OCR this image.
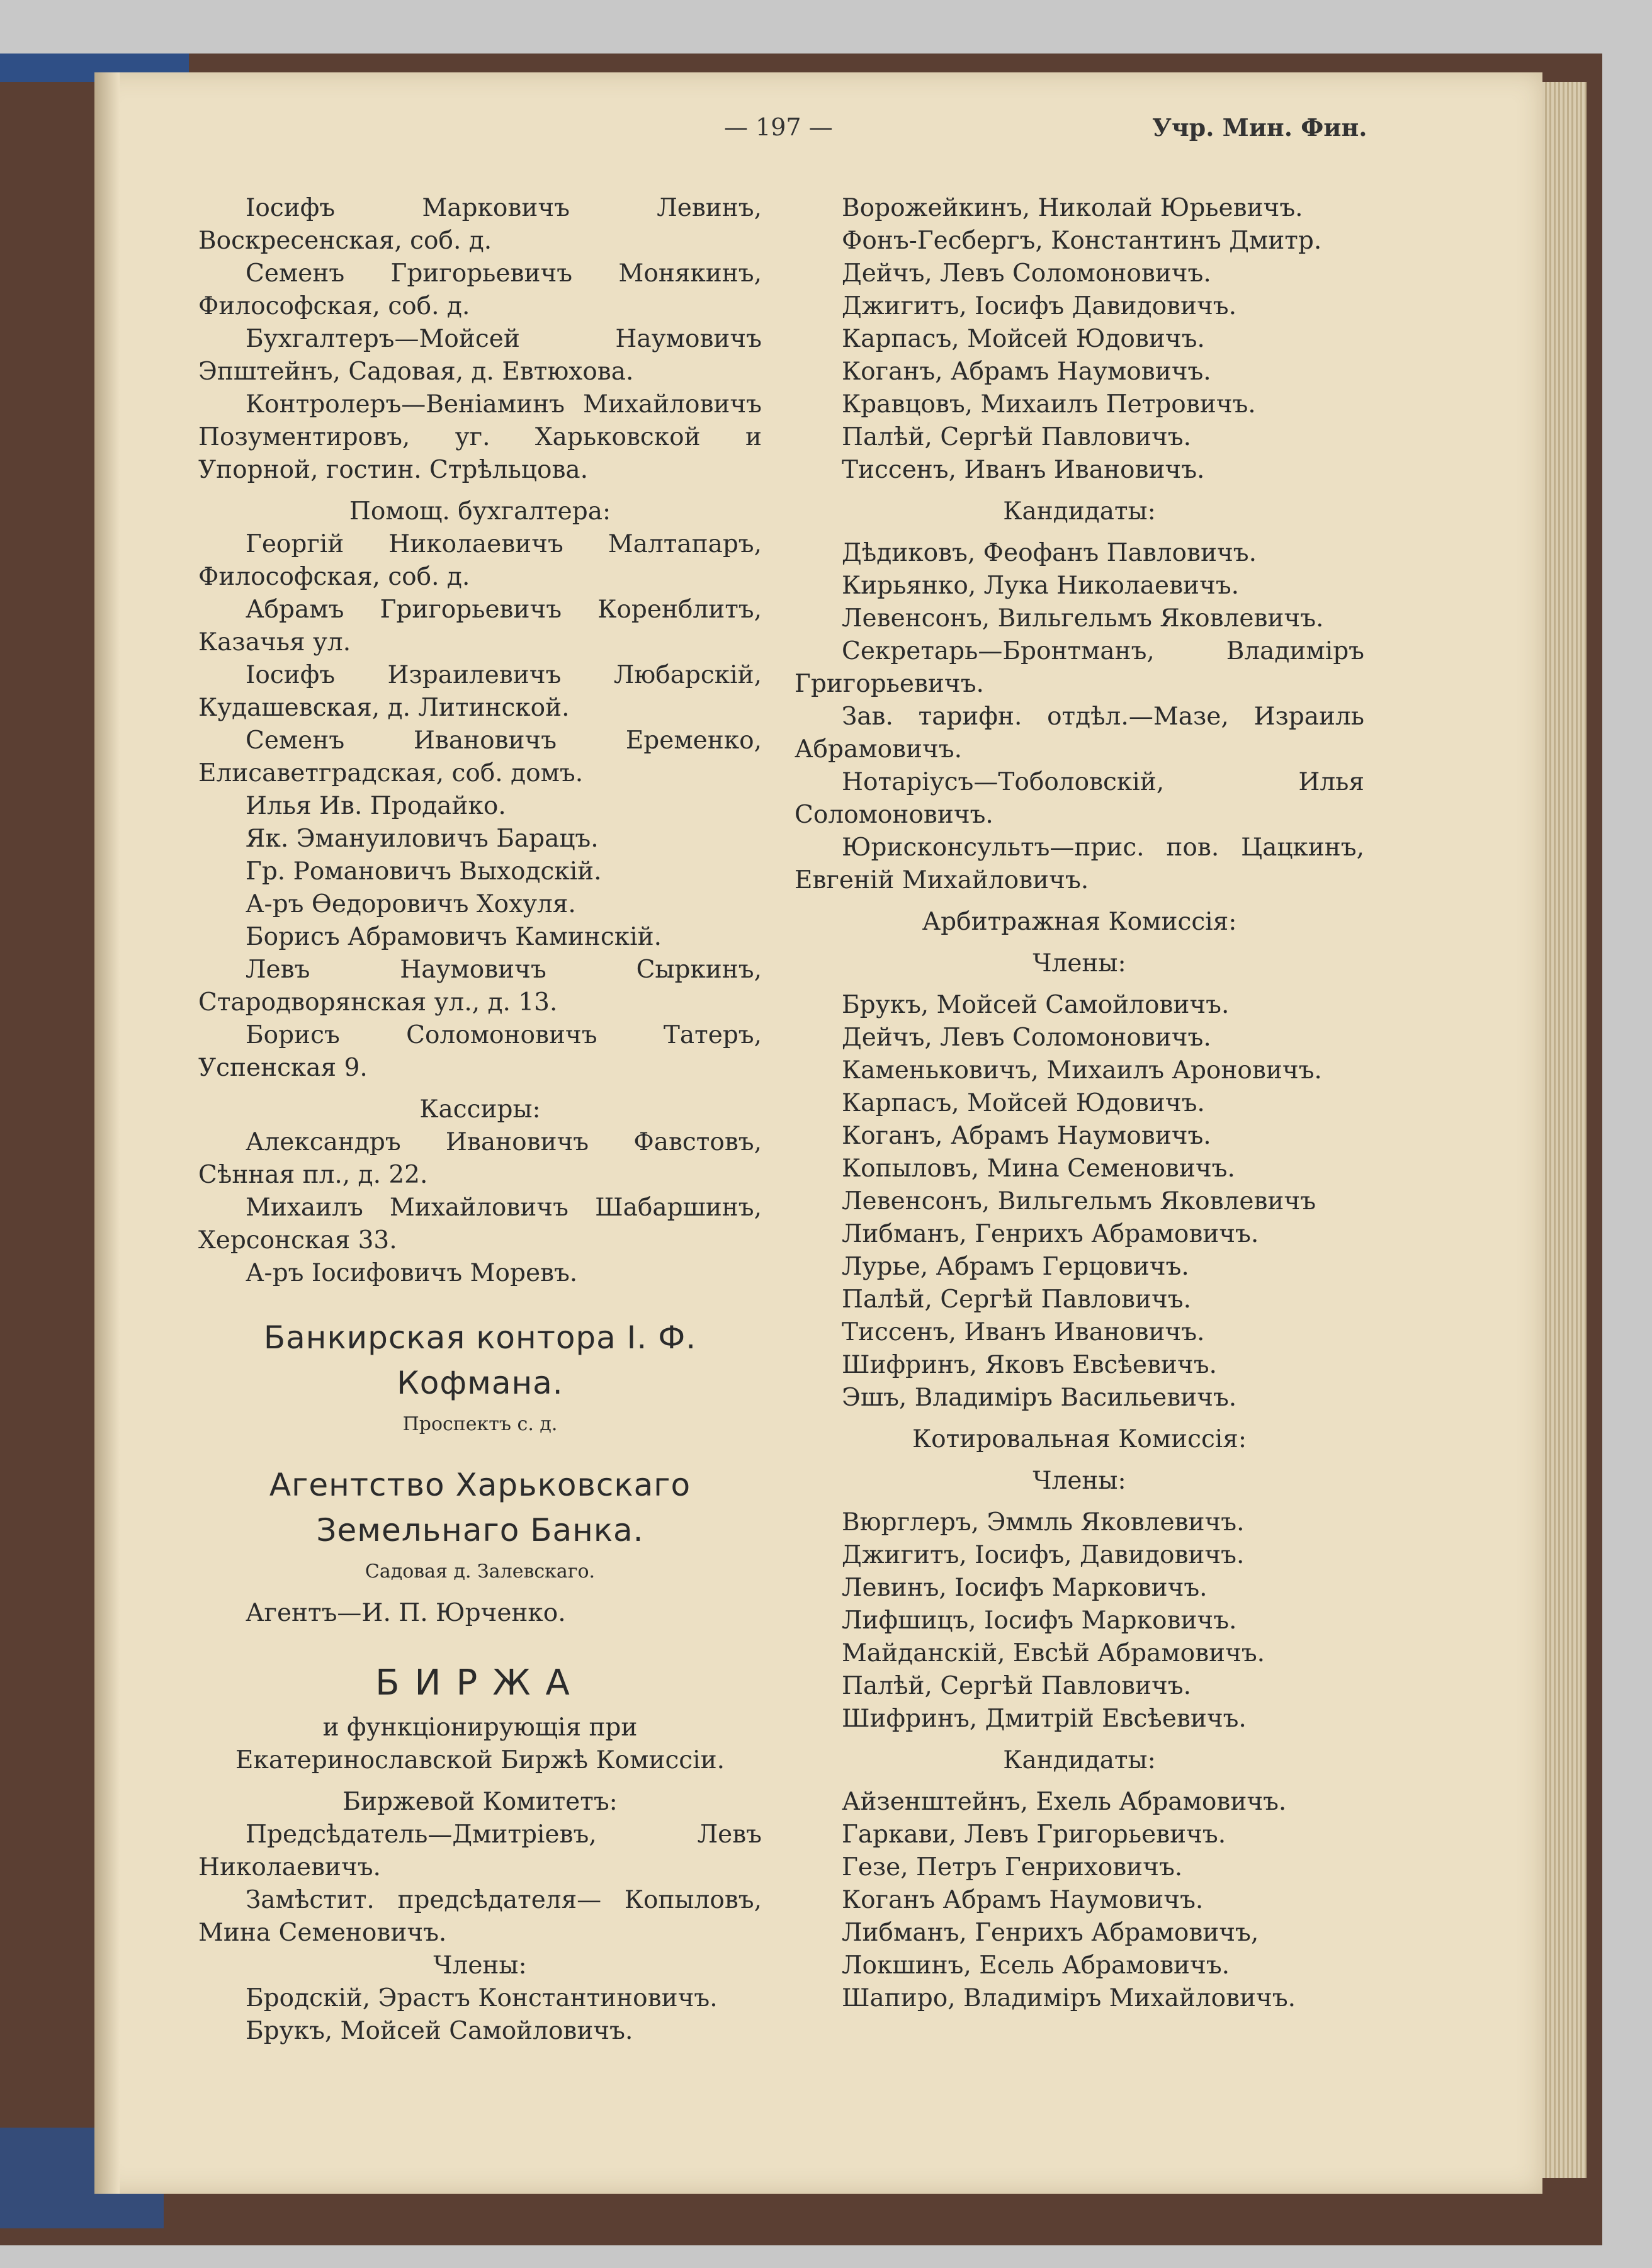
— 197 —	Учр. Мин. Фин.

Іосифъ Марковичъ Левинъ, Воскресенская, соб. д.

Семенъ Григорьевичъ Монякинъ, Философская, соб. д.

Бухгалтеръ—Мойсей Наумовичъ Эпштейнъ, Садовая, д. Евтюхова.

Контролеръ—Веніаминъ Михайловичъ Позументировъ, уг. Харьковской и Упорной, гостин. Стрѣльцова.

Помощ. бухгалтера:

Георгій Николаевичъ Малтапаръ, Философская, соб. д.

Абрамъ Григорьевичъ Коренблитъ, Казачья ул.

Іосифъ Израилевичъ Любарскій, Кудашевская, д. Литинской.

Семенъ Ивановичъ Еременко, Елисаветградская, соб. домъ.

Илья Ив. Продайко.

Як. Эмануиловичъ Барацъ.

Гр. Романовичъ Выходскій.

А-ръ Өедоровичъ Хохуля.

Борисъ Абрамовичъ Каминскій.

Левъ Наумовичъ Сыркинъ, Стародворянская ул., д. 13.

Борисъ Соломоновичъ Татеръ, Успенская 9.

Кассиры:

Александръ Ивановичъ Фавстовъ, Сѣнная пл., д. 22.

Михаилъ Михайловичъ Шабаршинъ, Херсонская 33.

А-ръ Іосифовичъ Моревъ.

Банкирская контора І. Ф. Кофмана.

Проспектъ с. д.

Агентство Харьковскаго Земельнаго Банка.

Садовая д. Залевскаго.

Агентъ—И. П. Юрченко.

БИРЖА

и функціонирующія при Екатеринославской Биржѣ Комиссіи.

Биржевой Комитетъ:

Предсѣдатель—Дмитріевъ, Левъ Николаевичъ.

Замѣстит. предсѣдателя— Копыловъ, Мина Семеновичъ.

Члены:

Бродскій, Эрастъ Константиновичъ.

Брукъ, Мойсей Самойловичъ.

Ворожейкинъ, Николай Юрьевичъ.

Фонъ-Гесбергъ, Константинъ Дмитр.

Дейчъ, Левъ Соломоновичъ.

Джигитъ, Іосифъ Давидовичъ.

Карпасъ, Мойсей Юдовичъ.

Коганъ, Абрамъ Наумовичъ.

Кравцовъ, Михаилъ Петровичъ.

Палѣй, Сергѣй Павловичъ.

Тиссенъ, Иванъ Ивановичъ.

Кандидаты:

Дѣдиковъ, Феофанъ Павловичъ.

Кирьянко, Лука Николаевичъ.

Левенсонъ, Вильгельмъ Яковлевичъ.

Секретарь—Бронтманъ, Владиміръ Григорьевичъ.

Зав. тарифн. отдѣл.—Мазе, Израиль Абрамовичъ.

Нотаріусъ—Тоболовскій, Илья Соломоновичъ.

Юрисконсультъ—прис. пов. Цацкинъ, Евгеній Михайловичъ.

Арбитражная Комиссія:

Члены:

Брукъ, Мойсей Самойловичъ.

Дейчъ, Левъ Соломоновичъ.

Каменьковичъ, Михаилъ Ароновичъ.

Карпасъ, Мойсей Юдовичъ.

Коганъ, Абрамъ Наумовичъ.

Копыловъ, Мина Семеновичъ.

Левенсонъ, Вильгельмъ Яковлевичъ

Либманъ, Генрихъ Абрамовичъ.

Лурье, Абрамъ Герцовичъ.

Палѣй, Сергѣй Павловичъ.

Тиссенъ, Иванъ Ивановичъ.

Шифринъ, Яковъ Евсѣевичъ.

Эшъ, Владиміръ Васильевичъ.

Котировальная Комиссія:

Члены:

Вюрглеръ, Эммль Яковлевичъ.

Джигитъ, Іосифъ, Давидовичъ.

Левинъ, Іосифъ Марковичъ.

Лифшицъ, Іосифъ Марковичъ.

Майданскій, Евсѣй Абрамовичъ.

Палѣй, Сергѣй Павловичъ.

Шифринъ, Дмитрій Евсѣевичъ.

Кандидаты:

Айзенштейнъ, Ехель Абрамовичъ.

Гаркави, Левъ Григорьевичъ.

Гезе, Петръ Генриховичъ.

Коганъ Абрамъ Наумовичъ.

Либманъ, Генрихъ Абрамовичъ,

Локшинъ, Есель Абрамовичъ.

Шапиро, Владиміръ Михайловичъ.
